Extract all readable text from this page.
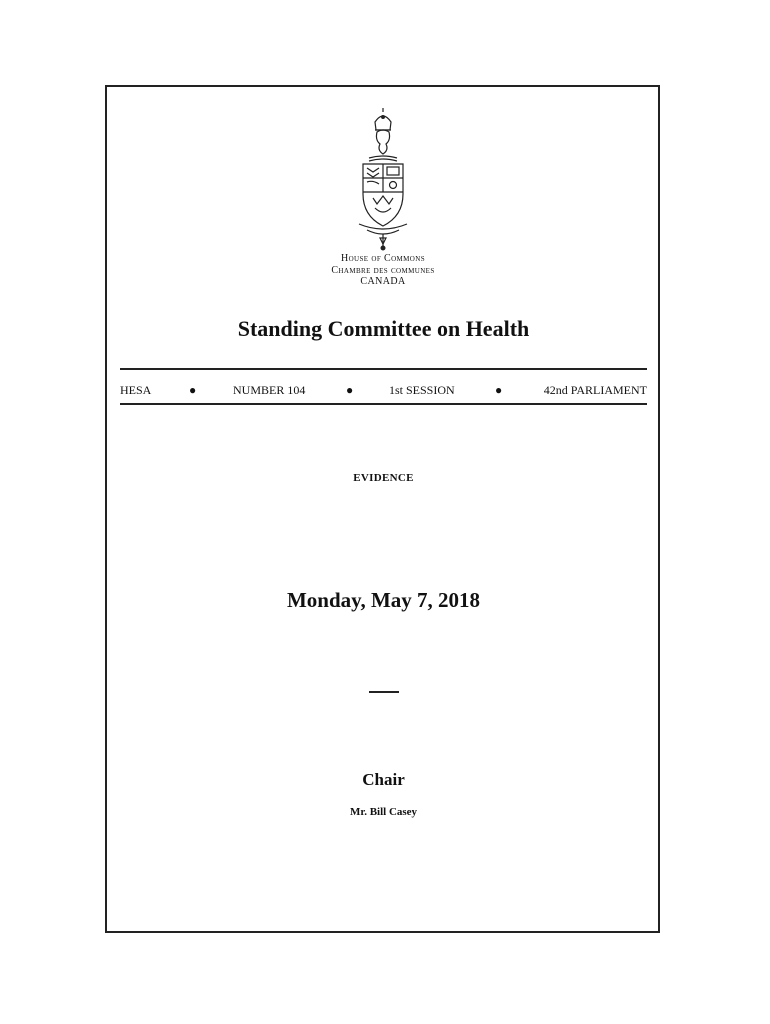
House of Commons
Chambre des communes
CANADA
Standing Committee on Health
HESA	●	NUMBER 104	●	1st SESSION	●	42nd PARLIAMENT
EVIDENCE
Monday, May 7, 2018
Chair
Mr. Bill Casey
